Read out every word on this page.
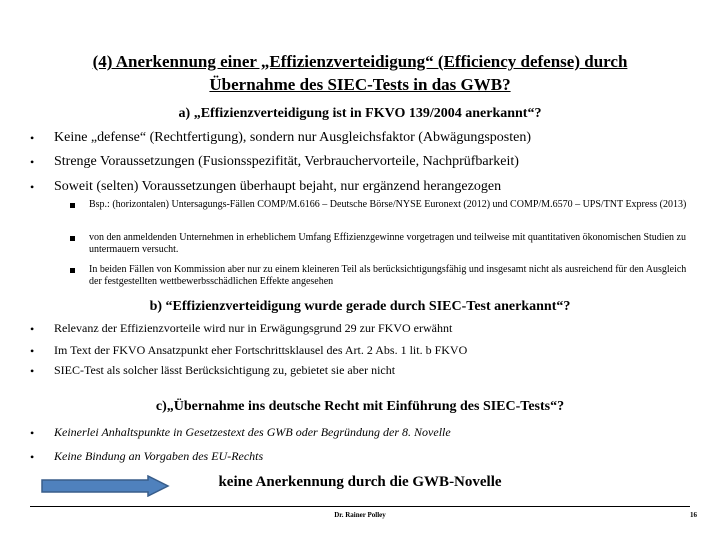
(4) Anerkennung einer „Effizienzverteidigung“ (Efficiency defense) durch
Übernahme des SIEC-Tests in das GWB?
a) „Effizienzverteidigung ist in FKVO 139/2004 anerkannt“?
• Keine „defense“ (Rechtfertigung), sondern nur Ausgleichsfaktor (Abwägungsposten)
• Strenge Voraussetzungen (Fusionsspezifität, Verbrauchervorteile, Nachprüfbarkeit)
• Soweit (selten) Voraussetzungen überhaupt bejaht, nur ergänzend herangezogen
Bsp.: (horizontalen) Untersagungs-Fällen COMP/M.6166 – Deutsche Börse/NYSE Euronext (2012) und COMP/M.6570 – UPS/TNT Express (2013)
von den anmeldenden Unternehmen in erheblichem Umfang Effizienzgewinne vorgetragen und teilweise mit quantitativen ökonomischen Studien zu untermauern versucht.
In beiden Fällen von Kommission aber nur zu einem kleineren Teil als berücksichtigungsfähig und insgesamt nicht als ausreichend für den Ausgleich der festgestellten wettbewerbsschädlichen Effekte angesehen
b) “Effizienzverteidigung wurde gerade durch SIEC-Test anerkannt“?
• Relevanz der Effizienzvorteile wird nur in Erwägungsgrund 29 zur FKVO erwähnt
• Im Text der FKVO Ansatzpunkt eher Fortschrittsklausel des Art. 2 Abs. 1 lit. b FKVO
• SIEC-Test als solcher lässt Berücksichtigung zu, gebietet sie aber nicht
c)„Übernahme ins deutsche Recht mit Einführung des SIEC-Tests“?
• Keinerlei Anhaltspunkte in Gesetzestext des GWB oder Begründung der 8. Novelle
• Keine Bindung an Vorgaben des EU-Rechts
keine Anerkennung durch die GWB-Novelle
Dr. Rainer Polley	16
